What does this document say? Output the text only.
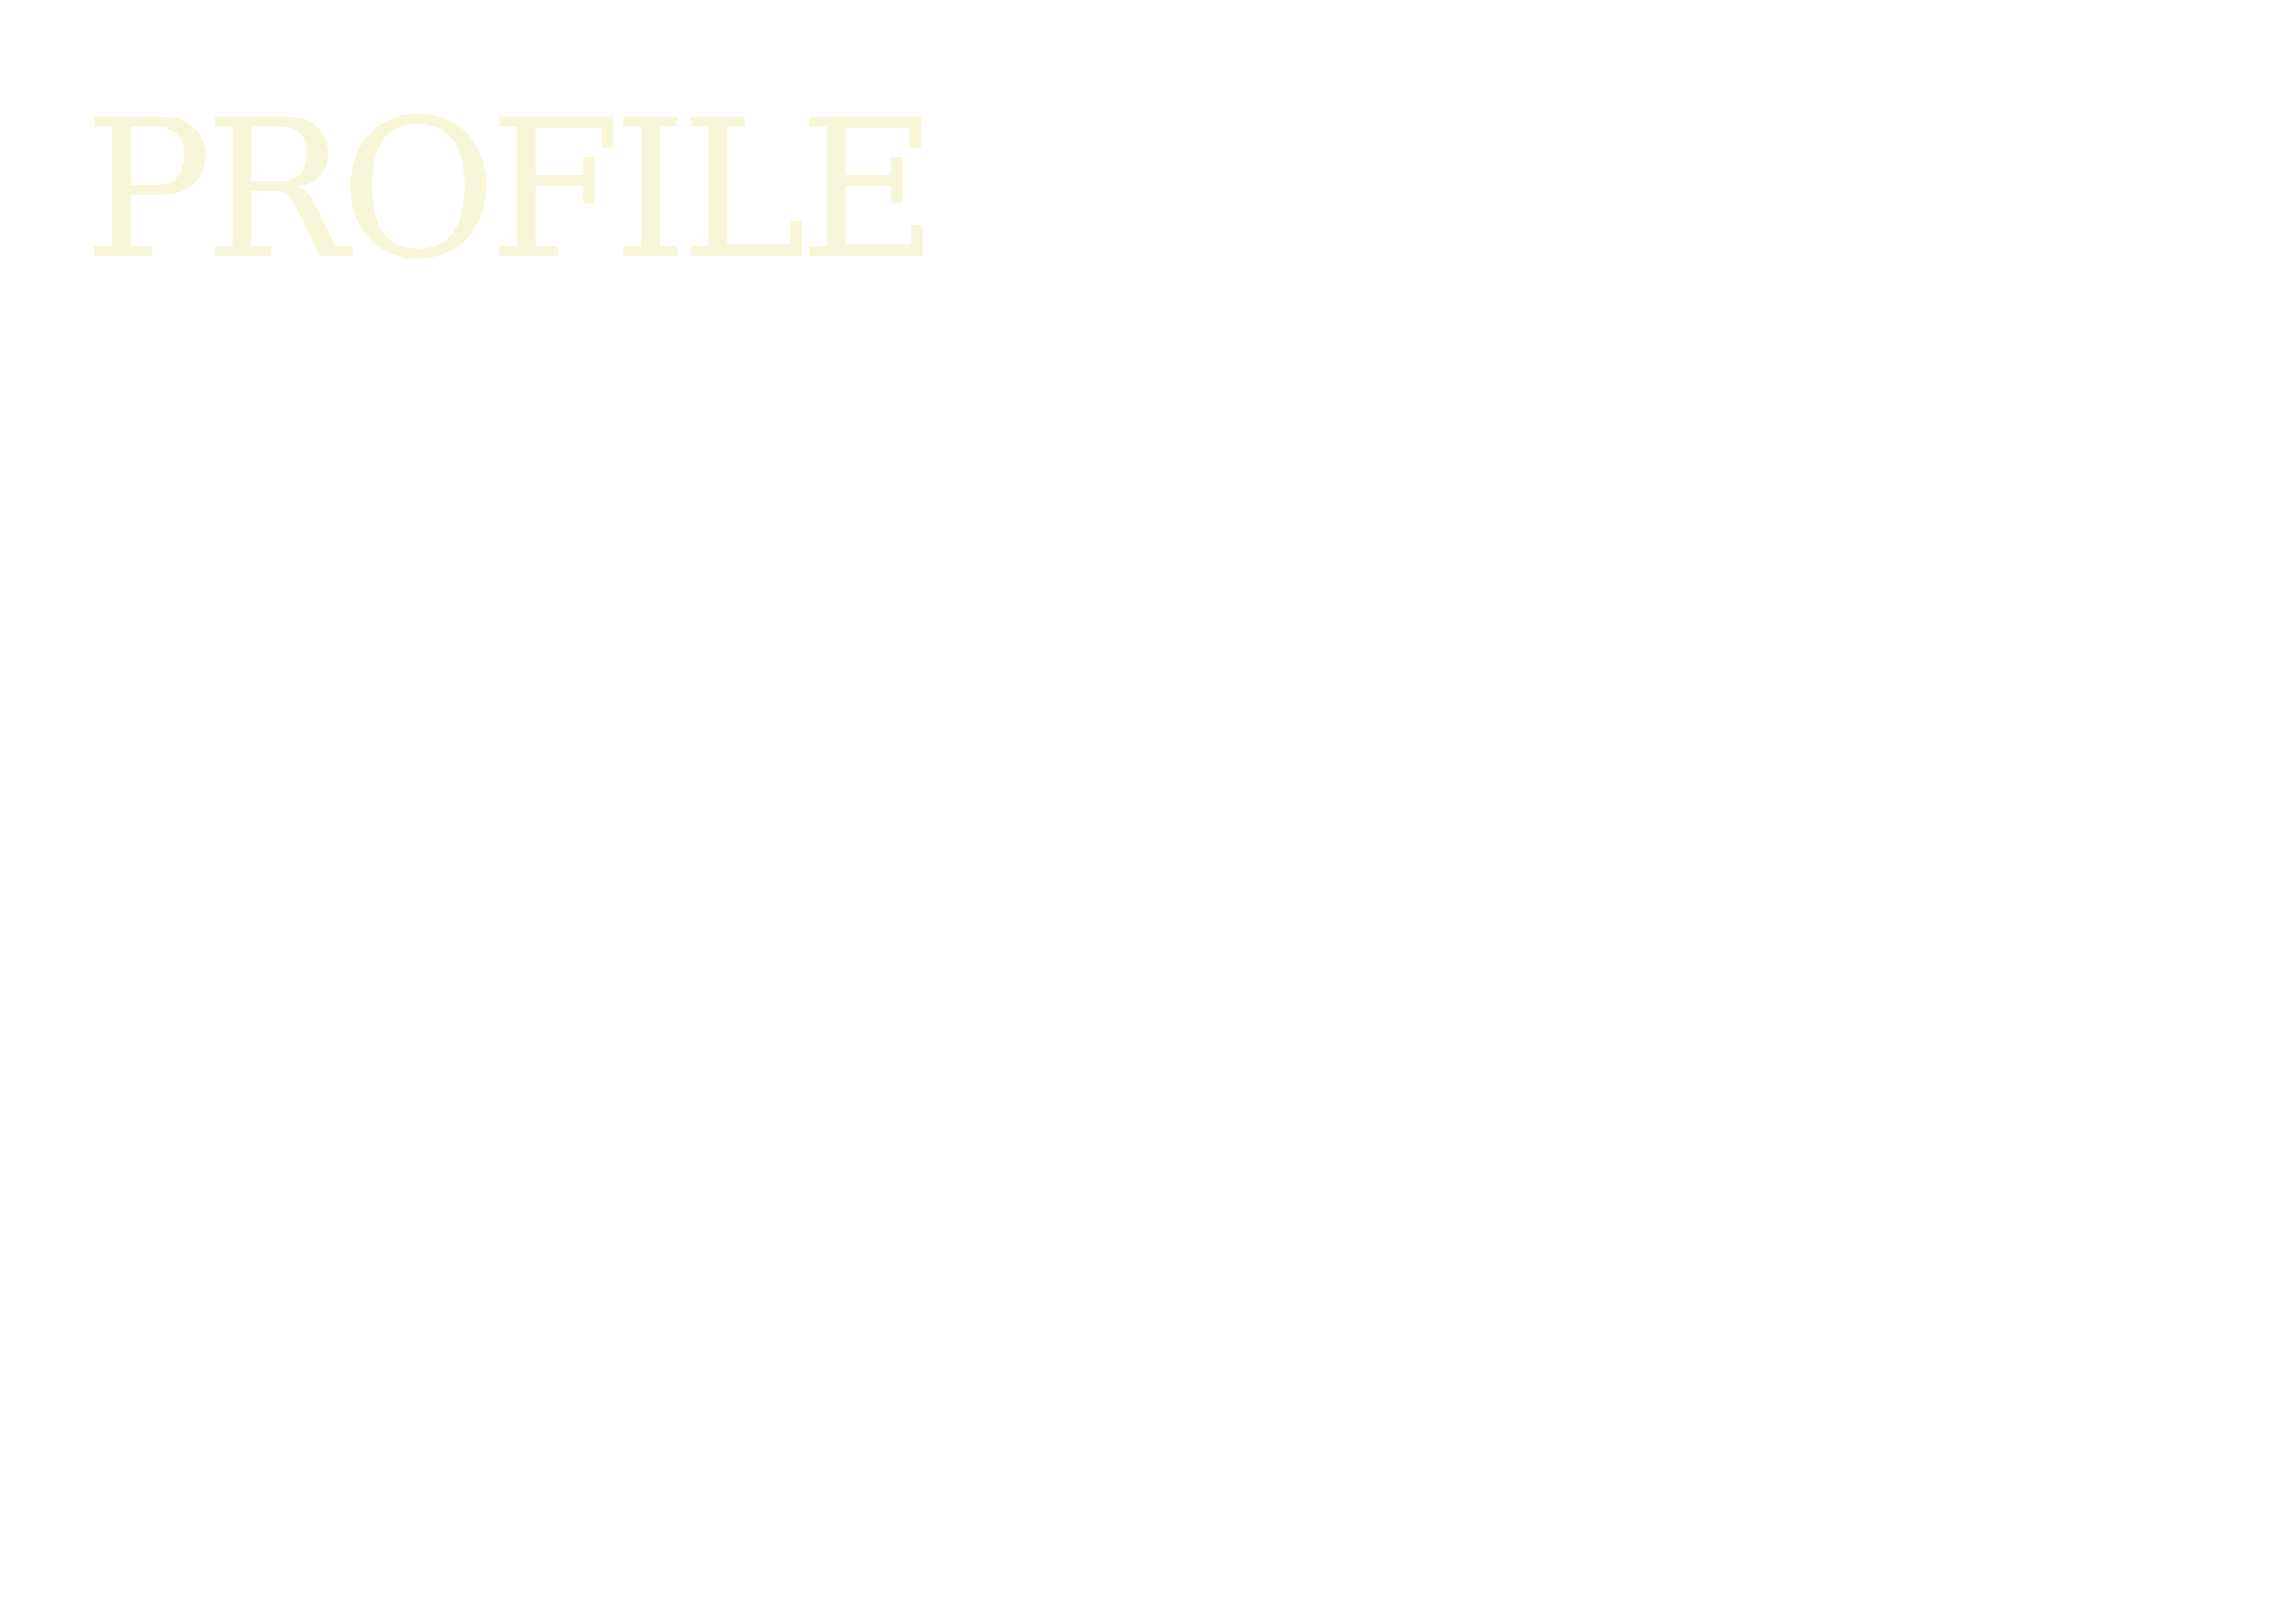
PROFILE
